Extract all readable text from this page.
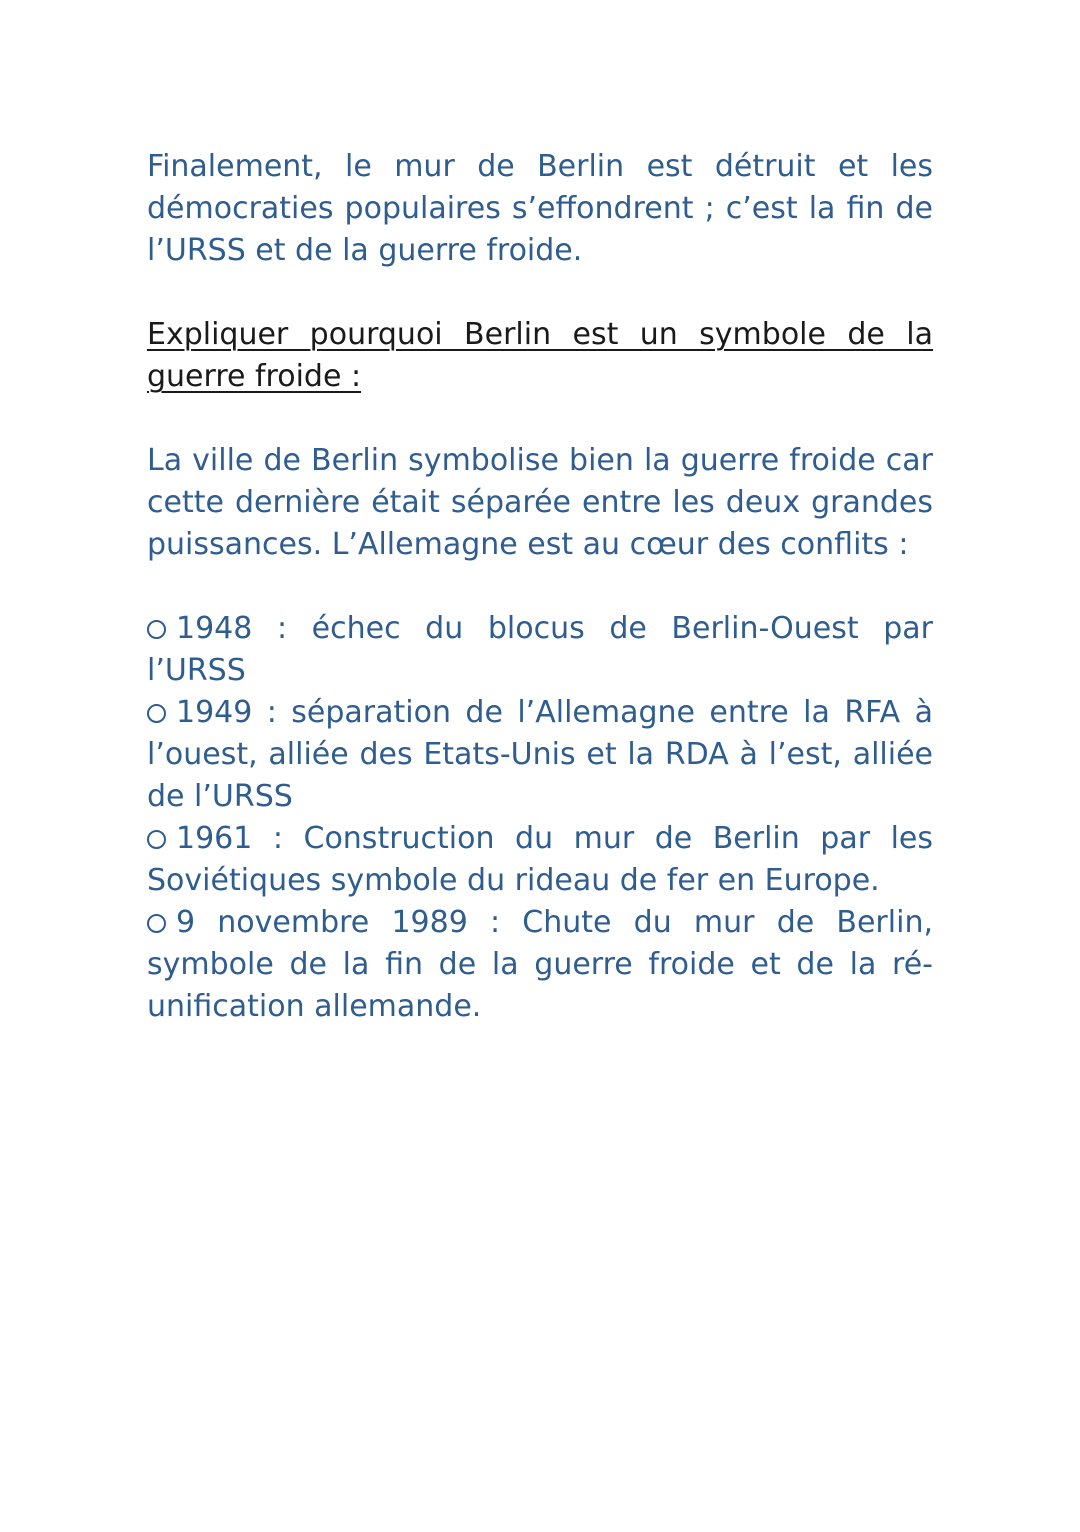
Finalement, le mur de Berlin est détruit et les démocraties populaires s’effondrent ; c’est la fin de l’URSS et de la guerre froide.

Expliquer pourquoi Berlin est un symbole de la guerre froide :

La ville de Berlin symbolise bien la guerre froide car cette dernière était séparée entre les deux grandes puissances. L’Allemagne est au cœur des conflits :

1948 : échec du blocus de Berlin-Ouest par l’URSS
1949 : séparation de l’Allemagne entre la RFA à l’ouest, alliée des Etats-Unis et la RDA à l’est, alliée de l’URSS
1961 : Construction du mur de Berlin par les Soviétiques symbole du rideau de fer en Europe.
9 novembre 1989 : Chute du mur de Berlin, symbole de la fin de la guerre froide et de la ré-unification allemande.
